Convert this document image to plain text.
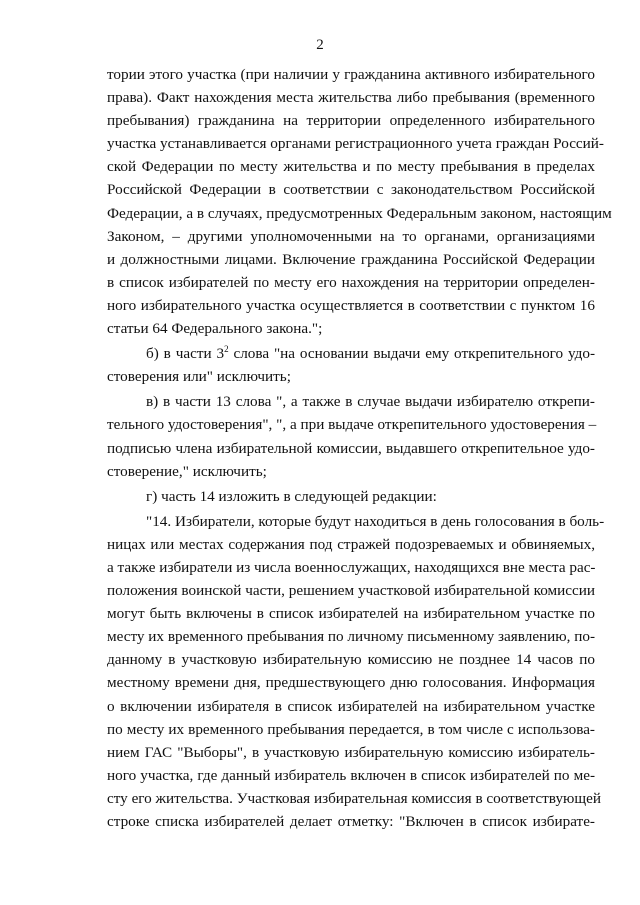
2
тории этого участка (при наличии у гражданина активного избирательного
права). Факт нахождения места жительства либо пребывания (временного
пребывания) гражданина на территории определенного избирательного
участка устанавливается органами регистрационного учета граждан Россий-
ской Федерации по месту жительства и по месту пребывания в пределах
Российской Федерации в соответствии с законодательством Российской
Федерации, а в случаях, предусмотренных Федеральным законом, настоящим
Законом, – другими уполномоченными на то органами, организациями
и должностными лицами. Включение гражданина Российской Федерации
в список избирателей по месту его нахождения на территории определен-
ного избирательного участка осуществляется в соответствии с пунктом 16
статьи 64 Федерального закона.";
б) в части $3^2$ слова "на основании выдачи ему открепительного удо-
стоверения или" исключить;
в) в части 13 слова ", а также в случае выдачи избирателю открепи-
тельного удостоверения", ", а при выдаче открепительного удостоверения –
подписью члена избирательной комиссии, выдавшего открепительное удо-
стоверение," исключить;
г) часть 14 изложить в следующей редакции:
"14. Избиратели, которые будут находиться в день голосования в боль-
ницах или местах содержания под стражей подозреваемых и обвиняемых,
а также избиратели из числа военнослужащих, находящихся вне места рас-
положения воинской части, решением участковой избирательной комиссии
могут быть включены в список избирателей на избирательном участке по
месту их временного пребывания по личному письменному заявлению, по-
данному в участковую избирательную комиссию не позднее 14 часов по
местному времени дня, предшествующего дню голосования. Информация
о включении избирателя в список избирателей на избирательном участке
по месту их временного пребывания передается, в том числе с использова-
нием ГАС "Выборы", в участковую избирательную комиссию избиратель-
ного участка, где данный избиратель включен в список избирателей по ме-
сту его жительства. Участковая избирательная комиссия в соответствующей
строке списка избирателей делает отметку: "Включен в список избирате-
